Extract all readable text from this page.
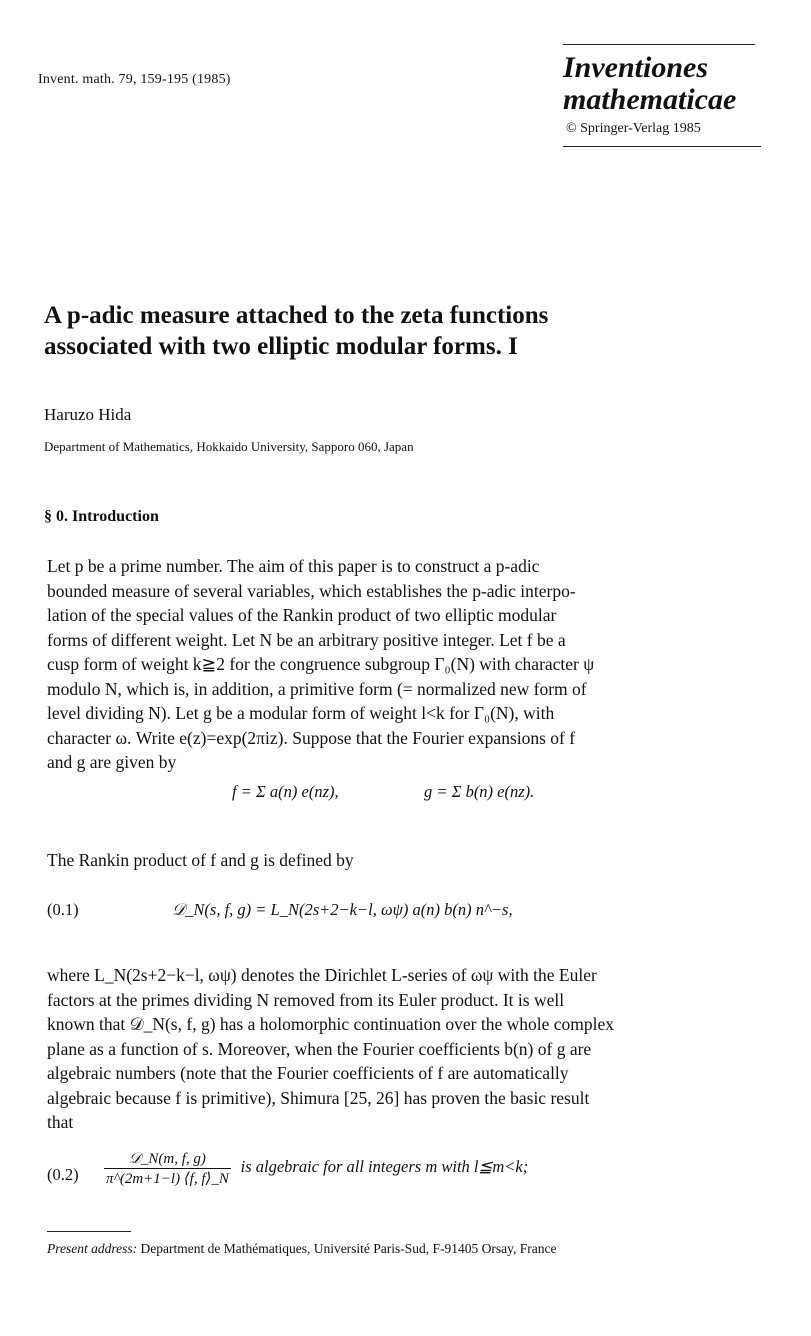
Invent. math. 79, 159-195 (1985)	Inventiones
mathematicae
© Springer-Verlag 1985
A p-adic measure attached to the zeta functions
associated with two elliptic modular forms. I
Haruzo Hida
Department of Mathematics, Hokkaido University, Sapporo 060, Japan
§ 0. Introduction
Let p be a prime number. The aim of this paper is to construct a p-adic
bounded measure of several variables, which establishes the p-adic interpo-
lation of the special values of the Rankin product of two elliptic modular
forms of different weight. Let N be an arbitrary positive integer. Let f be a
cusp form of weight k≧2 for the congruence subgroup Γ₀(N) with character ψ
modulo N, which is, in addition, a primitive form (= normalized new form of
level dividing N). Let g be a modular form of weight l<k for Γ₀(N), with
character ω. Write e(z)=exp(2πiz). Suppose that the Fourier expansions of f
and g are given by
f = Σ a(n) e(nz),	g = Σ b(n) e(nz).
The Rankin product of f and g is defined by
(0.1)	𝒟_N(s, f, g) = L_N(2s+2−k−l, ωψ) a(n) b(n) n^−s,
where L_N(2s+2−k−l, ωψ) denotes the Dirichlet L-series of ωψ with the Euler
factors at the primes dividing N removed from its Euler product. It is well
known that 𝒟_N(s, f, g) has a holomorphic continuation over the whole complex
plane as a function of s. Moreover, when the Fourier coefficients b(n) of g are
algebraic numbers (note that the Fourier coefficients of f are automatically
algebraic because f is primitive), Shimura [25, 26] has proven the basic result
that
$(0.2) \frac{\text{𝒟\_N(m, f, g)}}{\pi\^{}(2m+1-l) ⟨f, f⟩\_N}$ is algebraic for all integers m with l≦m<k;
Present address: Department de Mathématiques, Université Paris-Sud, F-91405 Orsay, France
